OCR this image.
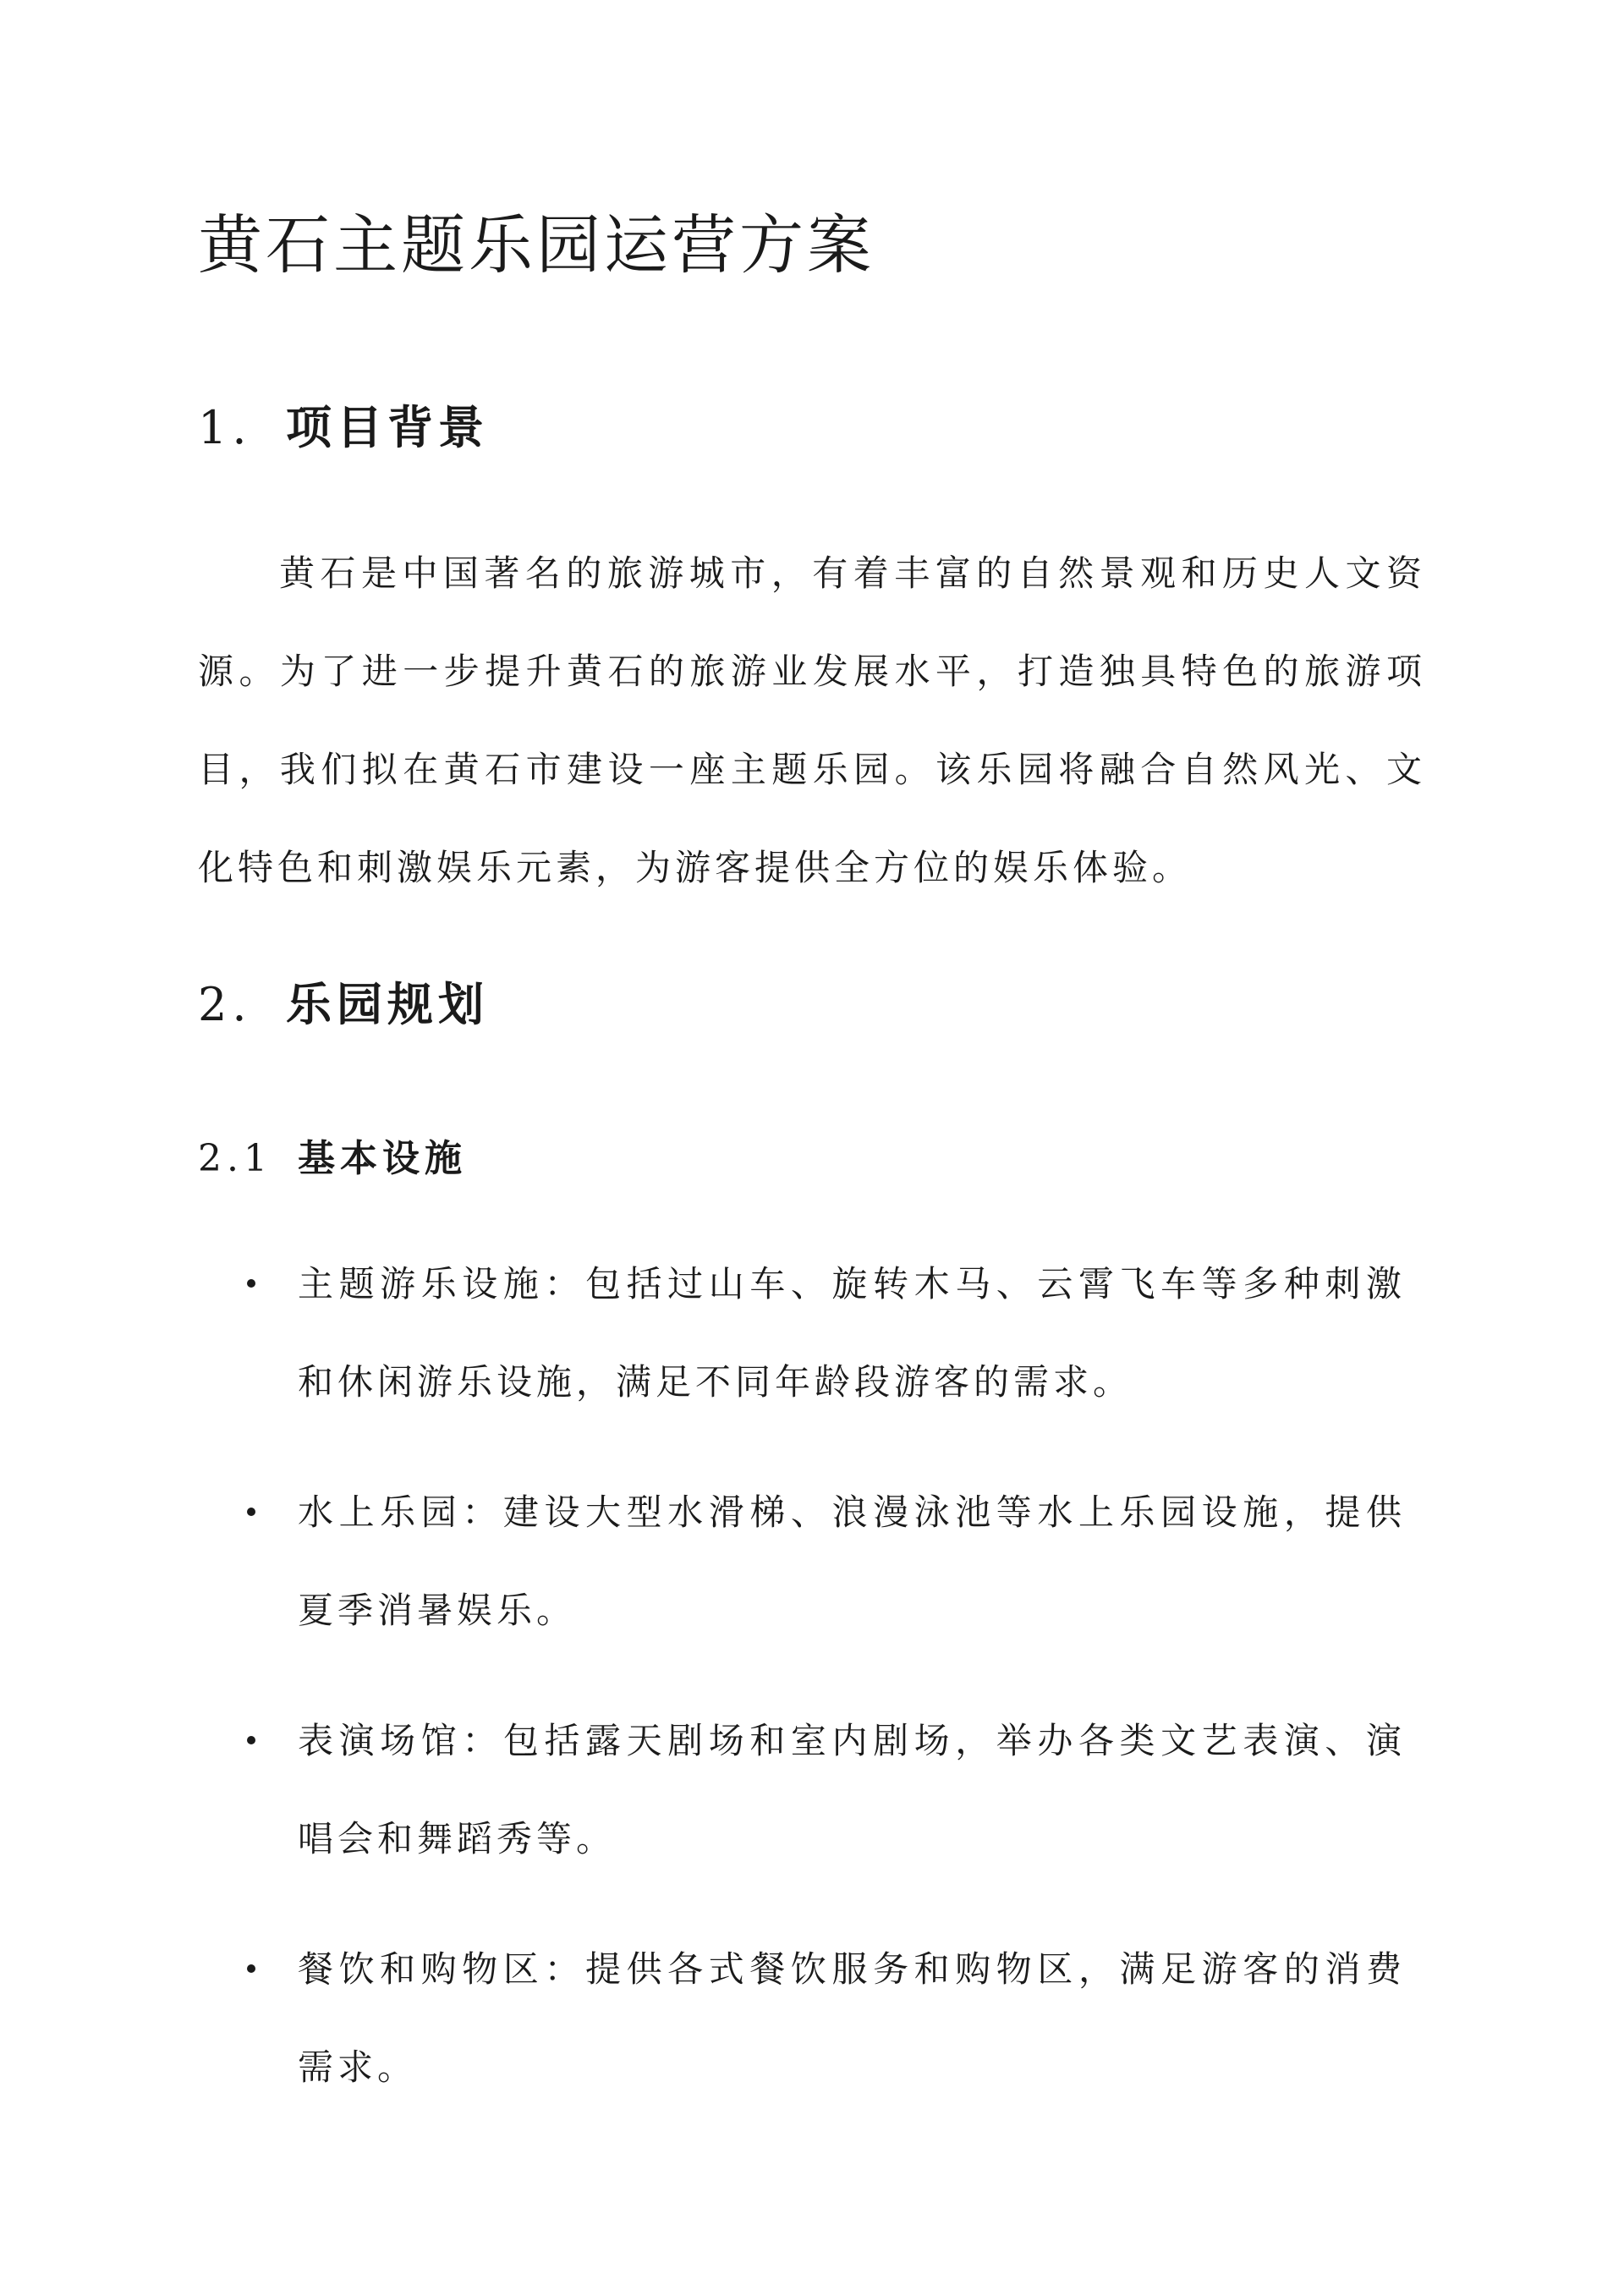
黄石主题乐园运营方案
1. 项目背景

黄石是中国著名的旅游城市，有着丰富的自然景观和历史人文资源。为了进一步提升黄石的旅游业发展水平，打造独具特色的旅游项目，我们拟在黄石市建设一座主题乐园。该乐园将融合自然风光、文化特色和刺激娱乐元素，为游客提供全方位的娱乐体验。

2. 乐园规划
2.1 基本设施
主题游乐设施：包括过山车、旋转木马、云霄飞车等多种刺激和休闲游乐设施，满足不同年龄段游客的需求。
水上乐园：建设大型水滑梯、浪漫泳池等水上乐园设施，提供夏季消暑娱乐。
表演场馆：包括露天剧场和室内剧场，举办各类文艺表演、演唱会和舞蹈秀等。
餐饮和购物区：提供各式餐饮服务和购物区，满足游客的消费需求。
